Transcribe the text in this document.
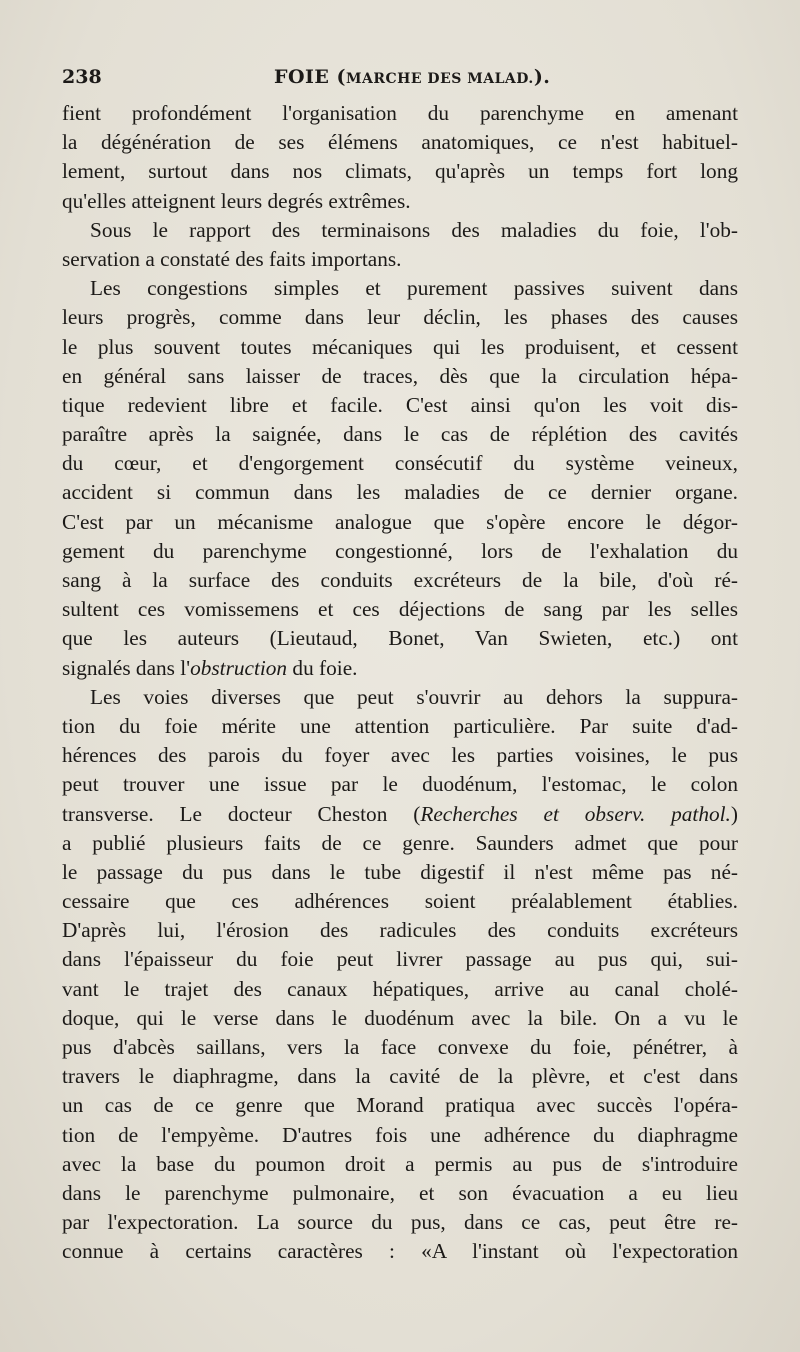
238	FOIE (MARCHE DES MALAD.).
fient profondément l'organisation du parenchyme en amenant
la dégénération de ses élémens anatomiques, ce n'est habituel-
lement, surtout dans nos climats, qu'après un temps fort long
qu'elles atteignent leurs degrés extrêmes.
Sous le rapport des terminaisons des maladies du foie, l'ob-
servation a constaté des faits importans.
Les congestions simples et purement passives suivent dans
leurs progrès, comme dans leur déclin, les phases des causes
le plus souvent toutes mécaniques qui les produisent, et cessent
en général sans laisser de traces, dès que la circulation hépa-
tique redevient libre et facile. C'est ainsi qu'on les voit dis-
paraître après la saignée, dans le cas de réplétion des cavités
du cœur, et d'engorgement consécutif du système veineux,
accident si commun dans les maladies de ce dernier organe.
C'est par un mécanisme analogue que s'opère encore le dégor-
gement du parenchyme congestionné, lors de l'exhalation du
sang à la surface des conduits excréteurs de la bile, d'où ré-
sultent ces vomissemens et ces déjections de sang par les selles
que les auteurs (Lieutaud, Bonet, Van Swieten, etc.) ont
signalés dans l'obstruction du foie.
Les voies diverses que peut s'ouvrir au dehors la suppura-
tion du foie mérite une attention particulière. Par suite d'ad-
hérences des parois du foyer avec les parties voisines, le pus
peut trouver une issue par le duodénum, l'estomac, le colon
transverse. Le docteur Cheston (Recherches et observ. pathol.)
a publié plusieurs faits de ce genre. Saunders admet que pour
le passage du pus dans le tube digestif il n'est même pas né-
cessaire que ces adhérences soient préalablement établies.
D'après lui, l'érosion des radicules des conduits excréteurs
dans l'épaisseur du foie peut livrer passage au pus qui, sui-
vant le trajet des canaux hépatiques, arrive au canal cholé-
doque, qui le verse dans le duodénum avec la bile. On a vu le
pus d'abcès saillans, vers la face convexe du foie, pénétrer, à
travers le diaphragme, dans la cavité de la plèvre, et c'est dans
un cas de ce genre que Morand pratiqua avec succès l'opéra-
tion de l'empyème. D'autres fois une adhérence du diaphragme
avec la base du poumon droit a permis au pus de s'introduire
dans le parenchyme pulmonaire, et son évacuation a eu lieu
par l'expectoration. La source du pus, dans ce cas, peut être re-
connue à certains caractères : «A l'instant où l'expectoration
